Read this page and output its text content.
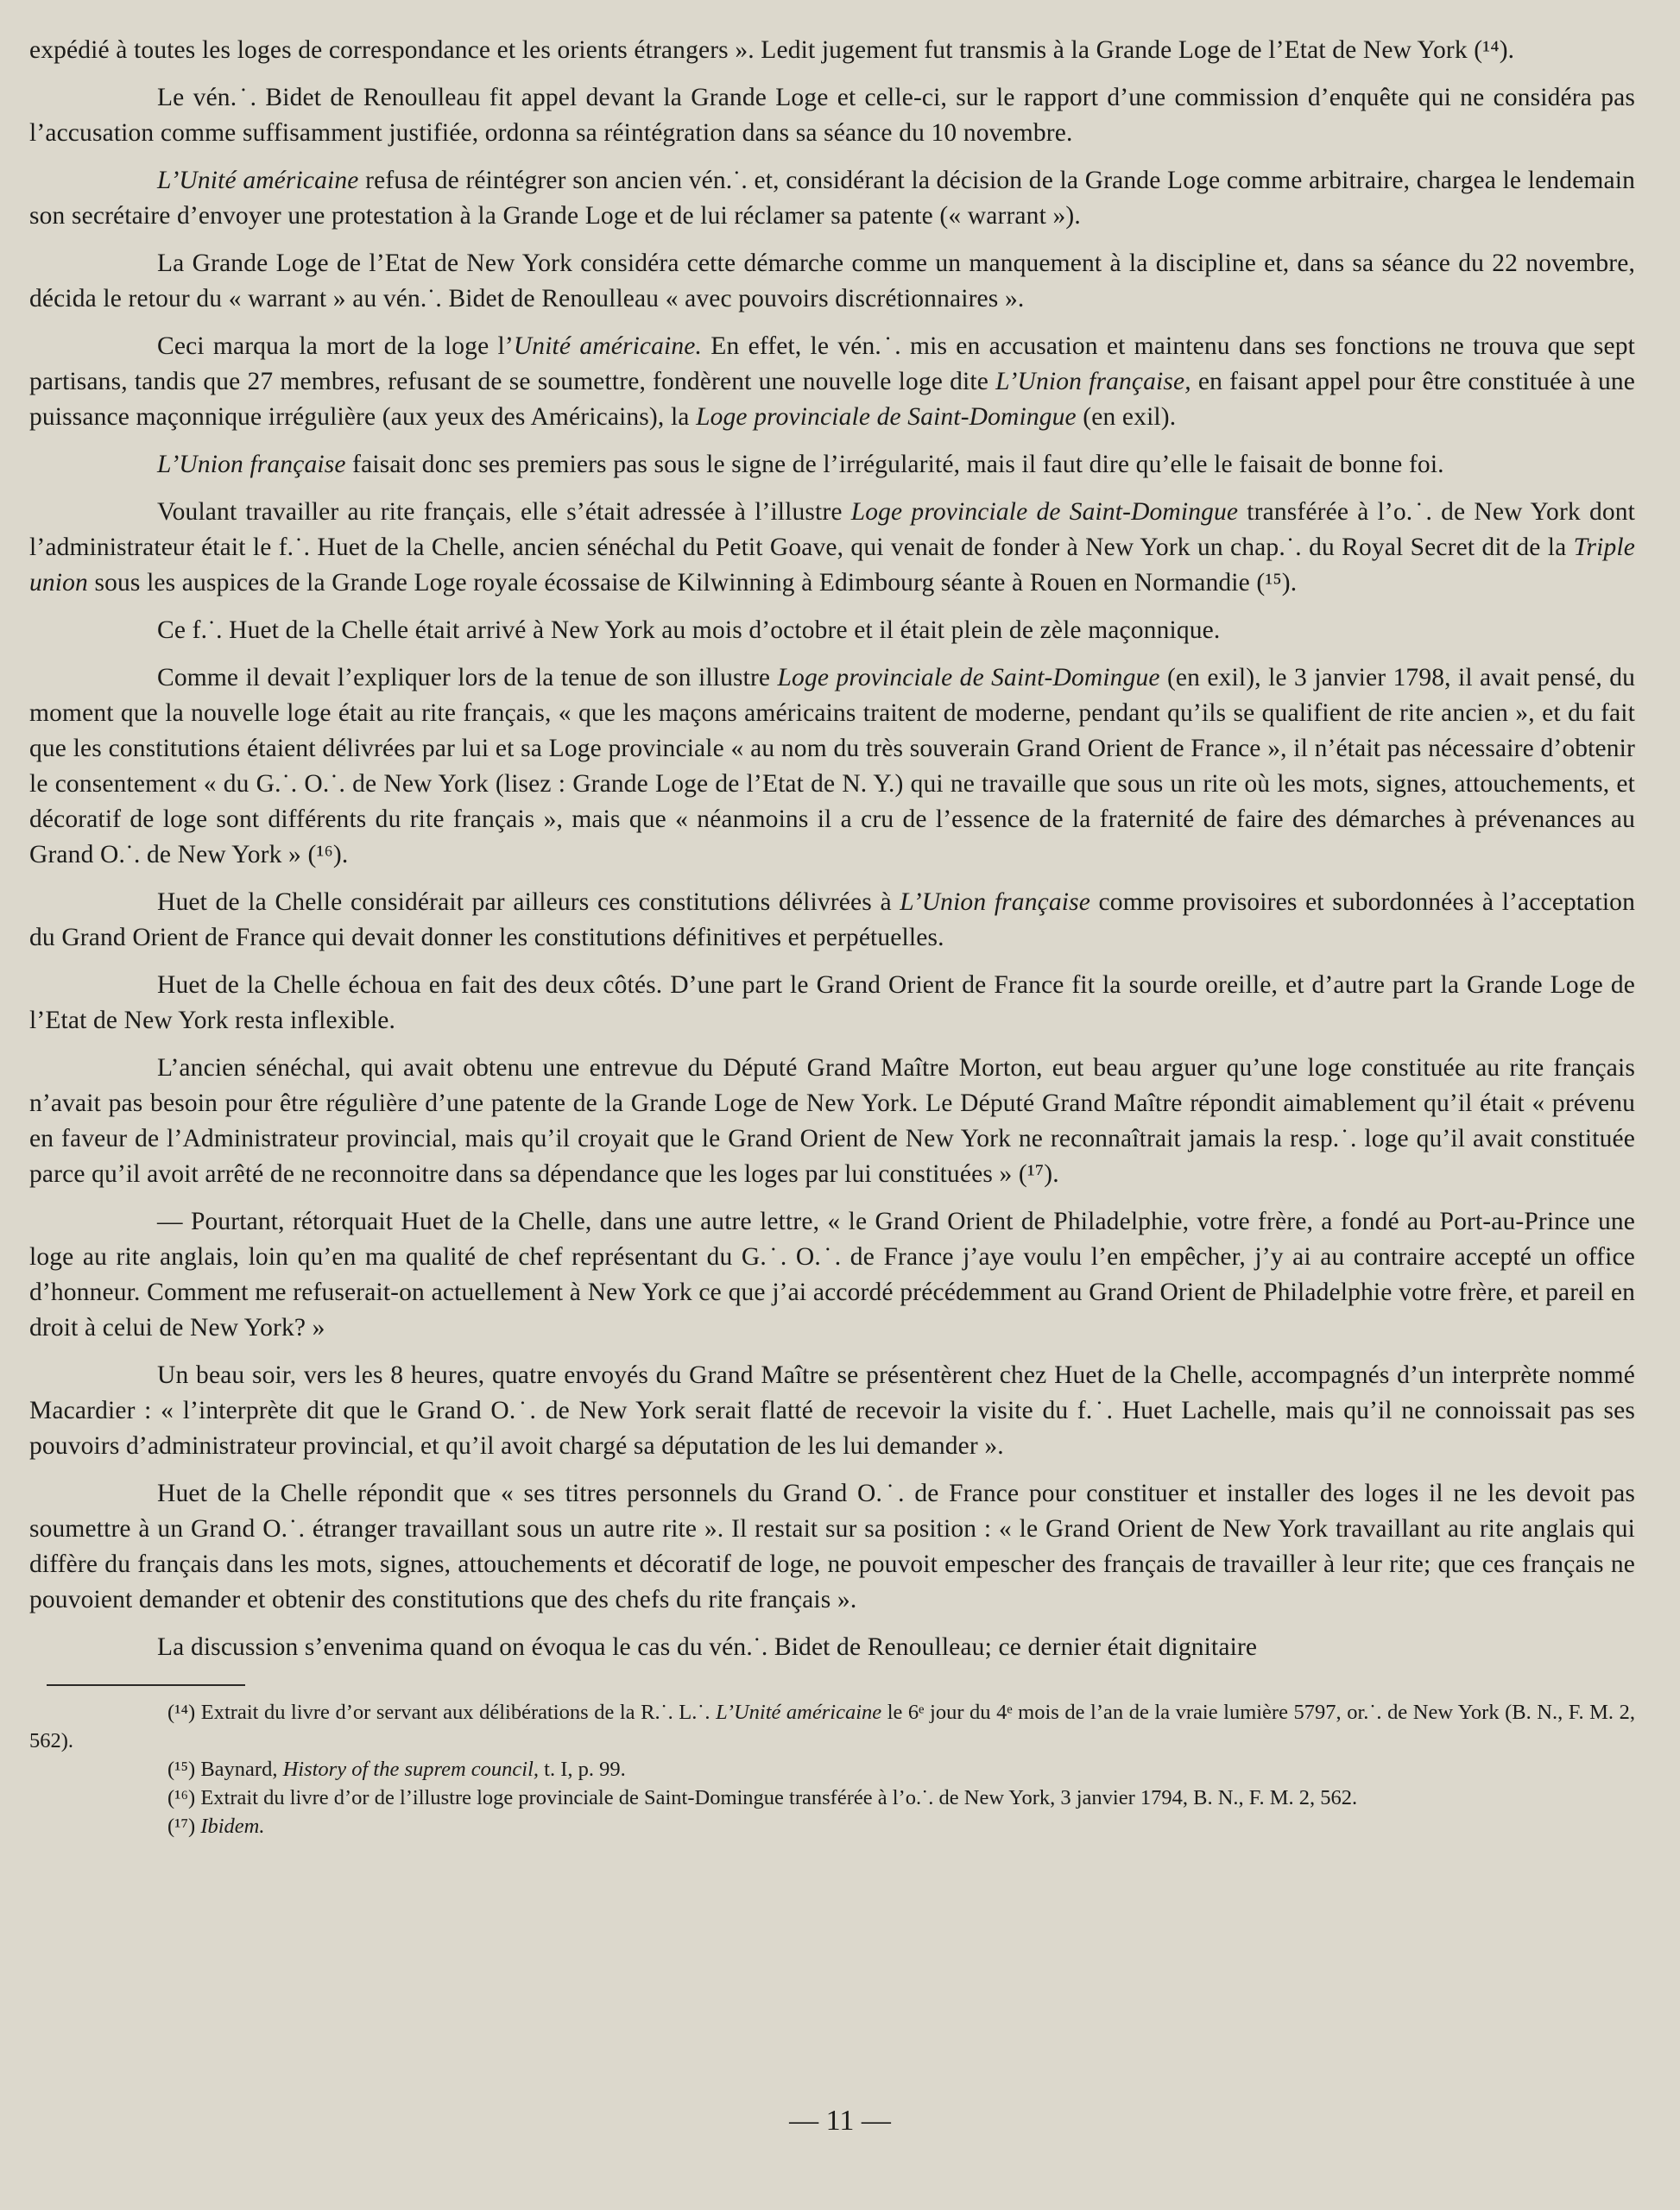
expédié à toutes les loges de correspondance et les orients étrangers ». Ledit jugement fut transmis à la Grande Loge de l’Etat de New York (¹⁴).

Le vén.˙. Bidet de Renoulleau fit appel devant la Grande Loge et celle-ci, sur le rapport d’une commission d’enquête qui ne considéra pas l’accusation comme suffisamment justifiée, ordonna sa réintégration dans sa séance du 10 novembre.

L’Unité américaine refusa de réintégrer son ancien vén.˙. et, considérant la décision de la Grande Loge comme arbitraire, chargea le lendemain son secrétaire d’envoyer une protestation à la Grande Loge et de lui réclamer sa patente (« warrant »).

La Grande Loge de l’Etat de New York considéra cette démarche comme un manquement à la discipline et, dans sa séance du 22 novembre, décida le retour du « warrant » au vén.˙. Bidet de Renoulleau « avec pouvoirs discrétionnaires ».

Ceci marqua la mort de la loge l’Unité américaine. En effet, le vén.˙. mis en accusation et maintenu dans ses fonctions ne trouva que sept partisans, tandis que 27 membres, refusant de se soumettre, fondèrent une nouvelle loge dite L’Union française, en faisant appel pour être constituée à une puissance maçonnique irrégulière (aux yeux des Américains), la Loge provinciale de Saint-Domingue (en exil).

L’Union française faisait donc ses premiers pas sous le signe de l’irrégularité, mais il faut dire qu’elle le faisait de bonne foi.

Voulant travailler au rite français, elle s’était adressée à l’illustre Loge provinciale de Saint-Domingue transférée à l’o.˙. de New York dont l’administrateur était le f.˙. Huet de la Chelle, ancien sénéchal du Petit Goave, qui venait de fonder à New York un chap.˙. du Royal Secret dit de la Triple union sous les auspices de la Grande Loge royale écossaise de Kilwinning à Edimbourg séante à Rouen en Normandie (¹⁵).

Ce f.˙. Huet de la Chelle était arrivé à New York au mois d’octobre et il était plein de zèle maçonnique.

Comme il devait l’expliquer lors de la tenue de son illustre Loge provinciale de Saint-Domingue (en exil), le 3 janvier 1798, il avait pensé, du moment que la nouvelle loge était au rite français, « que les maçons américains traitent de moderne, pendant qu’ils se qualifient de rite ancien », et du fait que les constitutions étaient délivrées par lui et sa Loge provinciale « au nom du très souverain Grand Orient de France », il n’était pas nécessaire d’obtenir le consentement « du G.˙. O.˙. de New York (lisez : Grande Loge de l’Etat de N. Y.) qui ne travaille que sous un rite où les mots, signes, attouchements, et décoratif de loge sont différents du rite français », mais que « néanmoins il a cru de l’essence de la fraternité de faire des démarches à prévenances au Grand O.˙. de New York » (¹⁶).

Huet de la Chelle considérait par ailleurs ces constitutions délivrées à L’Union française comme provisoires et subordonnées à l’acceptation du Grand Orient de France qui devait donner les constitutions définitives et perpétuelles.

Huet de la Chelle échoua en fait des deux côtés. D’une part le Grand Orient de France fit la sourde oreille, et d’autre part la Grande Loge de l’Etat de New York resta inflexible.

L’ancien sénéchal, qui avait obtenu une entrevue du Député Grand Maître Morton, eut beau arguer qu’une loge constituée au rite français n’avait pas besoin pour être régulière d’une patente de la Grande Loge de New York. Le Député Grand Maître répondit aimablement qu’il était « prévenu en faveur de l’Administrateur provincial, mais qu’il croyait que le Grand Orient de New York ne reconnaîtrait jamais la resp.˙. loge qu’il avait constituée parce qu’il avoit arrêté de ne reconnoitre dans sa dépendance que les loges par lui constituées » (¹⁷).

— Pourtant, rétorquait Huet de la Chelle, dans une autre lettre, « le Grand Orient de Philadelphie, votre frère, a fondé au Port-au-Prince une loge au rite anglais, loin qu’en ma qualité de chef représentant du G.˙. O.˙. de France j’aye voulu l’en empêcher, j’y ai au contraire accepté un office d’honneur. Comment me refuserait-on actuellement à New York ce que j’ai accordé précédemment au Grand Orient de Philadelphie votre frère, et pareil en droit à celui de New York? »

Un beau soir, vers les 8 heures, quatre envoyés du Grand Maître se présentèrent chez Huet de la Chelle, accompagnés d’un interprète nommé Macardier : « l’interprète dit que le Grand O.˙. de New York serait flatté de recevoir la visite du f.˙. Huet Lachelle, mais qu’il ne connoissait pas ses pouvoirs d’administrateur provincial, et qu’il avoit chargé sa députation de les lui demander ».

Huet de la Chelle répondit que « ses titres personnels du Grand O.˙. de France pour constituer et installer des loges il ne les devoit pas soumettre à un Grand O.˙. étranger travaillant sous un autre rite ». Il restait sur sa position : « le Grand Orient de New York travaillant au rite anglais qui diffère du français dans les mots, signes, attouchements et décoratif de loge, ne pouvoit empescher des français de travailler à leur rite; que ces français ne pouvoient demander et obtenir des constitutions que des chefs du rite français ».

La discussion s’envenima quand on évoqua le cas du vén.˙. Bidet de Renoulleau; ce dernier était dignitaire

(¹⁴) Extrait du livre d’or servant aux délibérations de la R.˙. L.˙. L’Unité américaine le 6ᵉ jour du 4ᵉ mois de l’an de la vraie lumière 5797, or.˙. de New York (B. N., F. M. 2, 562).

(¹⁵) Baynard, History of the suprem council, t. I, p. 99.

(¹⁶) Extrait du livre d’or de l’illustre loge provinciale de Saint-Domingue transférée à l’o.˙. de New York, 3 janvier 1794, B. N., F. M. 2, 562.

(¹⁷) Ibidem.

— 11 —
